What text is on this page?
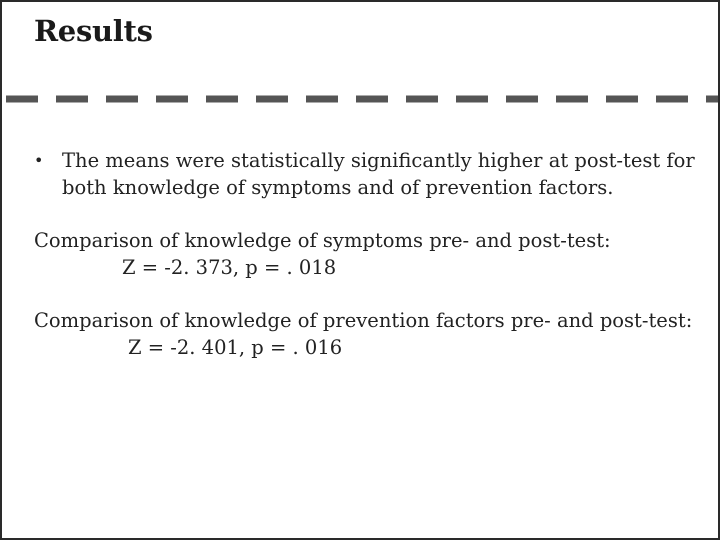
Results
• The means were statistically significantly higher at post-test for both knowledge of symptoms and of prevention factors.
Comparison of knowledge of symptoms pre- and post-test:
Z = -2. 373, p = . 018
Comparison of knowledge of prevention factors pre- and post-test:
Z = -2. 401, p = . 016
